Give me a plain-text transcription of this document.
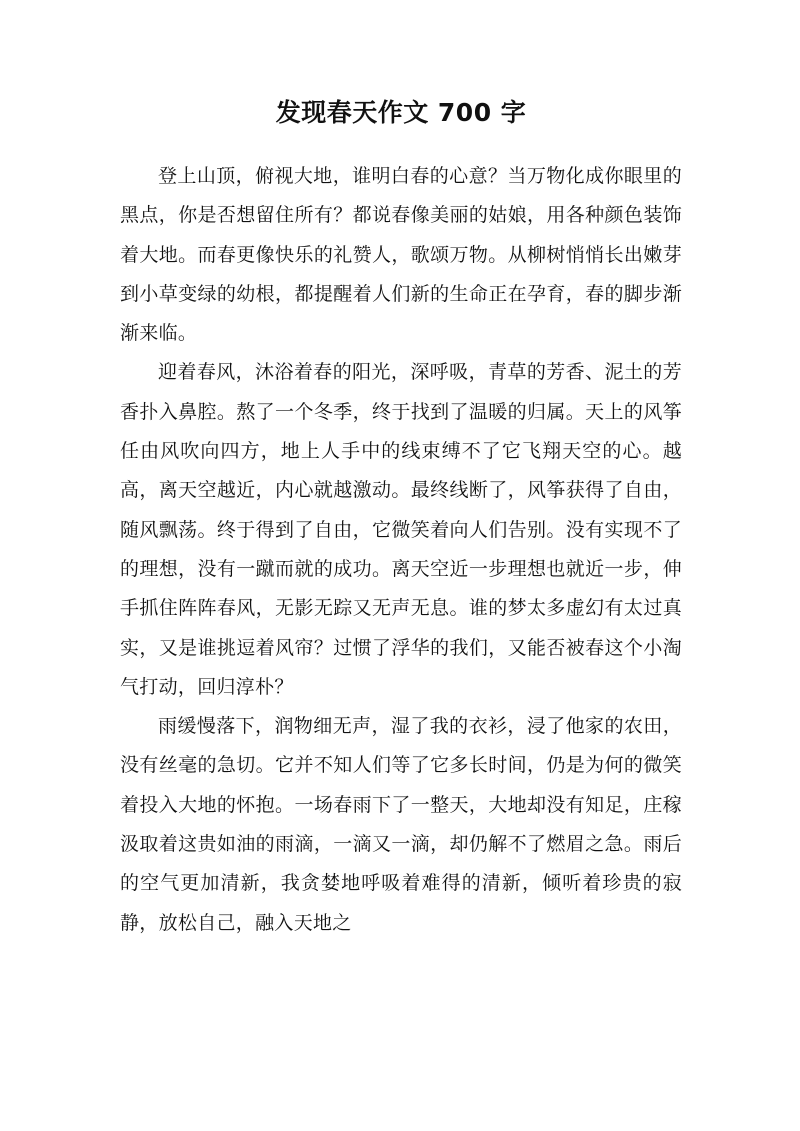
发现春天作文 700 字

登上山顶，俯视大地，谁明白春的心意？当万物化成你眼里的黑点，你是否想留住所有？都说春像美丽的姑娘，用各种颜色装饰着大地。而春更像快乐的礼赞人，歌颂万物。从柳树悄悄长出嫩芽到小草变绿的幼根，都提醒着人们新的生命正在孕育，春的脚步渐渐来临。

迎着春风，沐浴着春的阳光，深呼吸，青草的芳香、泥土的芳香扑入鼻腔。熬了一个冬季，终于找到了温暖的归属。天上的风筝任由风吹向四方，地上人手中的线束缚不了它飞翔天空的心。越高，离天空越近，内心就越激动。最终线断了，风筝获得了自由，随风飘荡。终于得到了自由，它微笑着向人们告别。没有实现不了的理想，没有一蹴而就的成功。离天空近一步理想也就近一步，伸手抓住阵阵春风，无影无踪又无声无息。谁的梦太多虚幻有太过真实，又是谁挑逗着风帘？过惯了浮华的我们，又能否被春这个小淘气打动，回归淳朴？

雨缓慢落下，润物细无声，湿了我的衣衫，浸了他家的农田，没有丝毫的急切。它并不知人们等了它多长时间，仍是为何的微笑着投入大地的怀抱。一场春雨下了一整天，大地却没有知足，庄稼汲取着这贵如油的雨滴，一滴又一滴，却仍解不了燃眉之急。雨后的空气更加清新，我贪婪地呼吸着难得的清新，倾听着珍贵的寂静，放松自己，融入天地之
